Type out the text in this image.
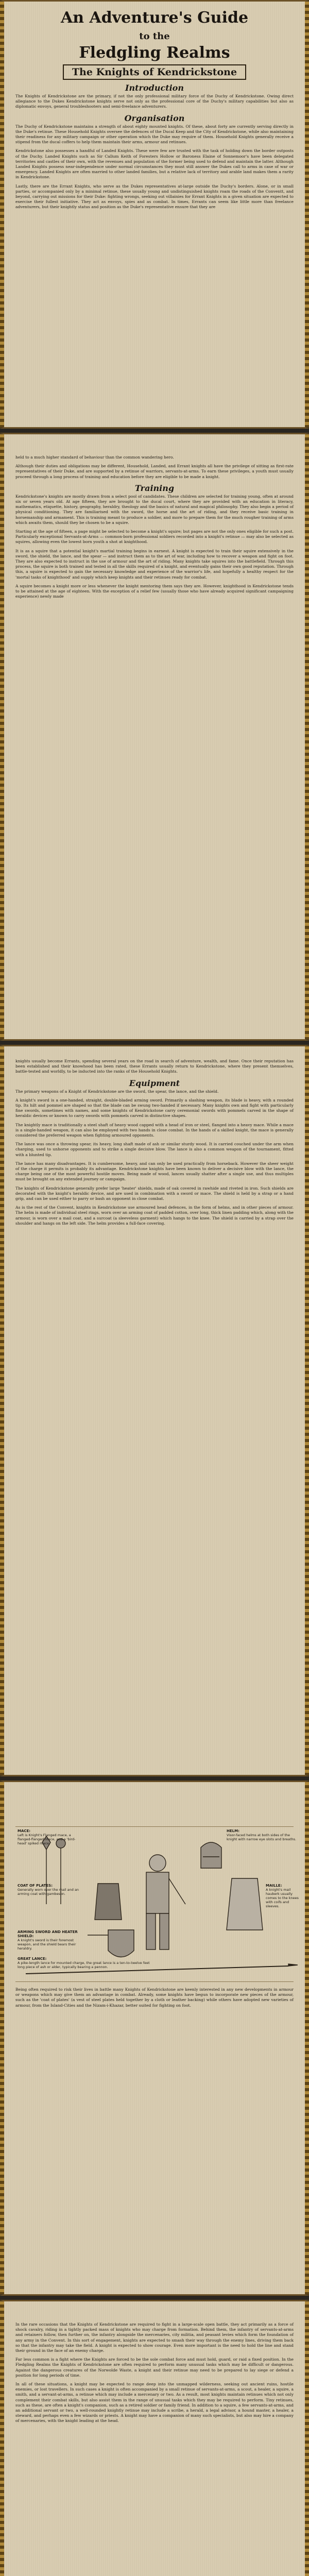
An Adventure's Guide
to the
Fledgling Realms
The Knights of Kendrickstone
Introduction

The Knights of Kendrickstone are the primary, if not the only professional military force of the Duchy of Kendrickstone. Owing direct allegiance to the Dukes Kendrickstone knights serve not only as the professional core of the Duchy's military capabilities but also as diplomatic envoys, general troubleshooters and semi-freelance adventurers.

Organisation

The Duchy of Kendrickstone maintains a strength of about eighty mounted knights. Of these, about forty are currently serving directly in the Duke's retinue. These Household Knights oversee the defences of the Ducal Keep and the City of Kendrickstone, while also maintaining their readiness for any military campaign or other operation which the Duke may require of them. Household Knights generally receive a stipend from the ducal coffers to help them maintain their arms, armour and retinues.

Kendrickstone also possesses a handful of Landed Knights. These were few are trusted with the task of holding down the border outposts of the Duchy. Landed Knights such as Sir Callum Keith of Foresters Hollow or Baroness Elaine of Sonnemoor's have been delegated territories and castles of their own, with the revenues and population of the former being used to defend and maintain the latter. Although Landed Knights possess near-independence under normal circumstances they must still answer the Dukes call to arms in case of war or emergency. Landed Knights are often married to other landed families, but a relative lack of territory and arable land makes them a rarity in Kendrickstone.

Lastly, there are the Errant Knights, who serve as the Dukes representatives at-large outside the Duchy's borders. Alone, or in small parties, or accompanied only by a minimal retinue, these usually young and undistinguished knights roam the roads of the Conventt, and beyond, carrying out missions for their Duke: fighting wrongs, seeking out villainies for Errant Knights in a given situation are expected to exercise their fullest initiative. They act as envoys, spies and as combat. In times, Errants can seem like little more than freelance adventurers, but their knightly status and position as the Duke's representative ensure that they are

held to a much higher standard of behaviour than the common wandering hero.

Although their duties and obligations may be different, Household, Landed, and Errant knights all have the privilege of sitting as first-rate representatives of their Duke, and are supported by a retinue of warriors, servants-at-arms. To earn these privileges, a youth must usually proceed through a long process of training and education before they are eligible to be made a knight.

Training

Kendrickstone's knights are mostly drawn from a select pool of candidates. These children are selected for training young, often at around six or seven years old. At age fifteen, they are brought to the ducal court, where they are provided with an education in literacy, mathematics, etiquette, history, geography, heraldry, theology and the basics of natural and magical philosophy. They also begin a period of physical conditioning. They are familiarised with the sword, the horse and the art of riding, and they receive basic training in horsemanship and armament. This is training meant to produce a soldier, and more to prepare them for the much rougher training of arms which awaits them, should they be chosen to be a squire.

Starting at the age of fifteen, a page might be selected to become a knight's squire; but pages are not the only ones eligible for such a post. Particularly exceptional Servants-at-Arms — common-born professional soldiers recorded into a knight's retinue — may also be selected as squires, allowing even the lowest born youth a shot at knighthood.

It is as a squire that a potential knight's martial training begins in earnest. A knight is expected to train their squire extensively in the sword, the shield, the lance, and the spear — and instruct them as to the art of war, including how to recover a weapon and fight on foot. They are also expected to instruct in the use of armour and the art of riding. Many knights take squires into the battlefield. Through this process, the squire is both trained and tested in all the skills required of a knight, and eventually gains their own good reputation. Through this, a squire is expected to gain the necessary knowledge and experience of the warrior's life, and hopefully a healthy respect for the 'mortal tasks of knighthood' and supply which keep knights and their retinues ready for combat.

A squire becomes a knight more or less whenever the knight mentoring them says they are. However, knighthood in Kendrickstone tends to be attained at the age of eighteen. With the exception of a relief few (usually those who have already acquired significant campaigning experience) newly made

knights usually become Errants, spending several years on the road in search of adventure, wealth, and fame. Once their reputation has been established and their knowhood has been rated, these Errants usually return to Kendrickstone, where they present themselves, battle-tested and worldly, to be inducted into the ranks of the Household Knights.

Equipment

The primary weapons of a Knight of Kendrickstone are the sword, the spear, the lance, and the shield.

A knight's sword is a one-handed, straight, double-bladed arming sword. Primarily a slashing weapon, its blade is heavy, with a rounded tip. Its hilt and pommel are shaped so that the blade can be swung two-handed if necessary. Many knights own and fight with particularly fine swords, sometimes with names, and some knights of Kendrickstone carry ceremonial swords with pommels carved in the shape of heraldic devices or known to carry swords with pommels carved in distinctive shapes.

The knightly mace is traditionally a steel shaft of heavy wood capped with a head of iron or steel, flanged into a heavy mace. While a mace is a single-handed weapon, it can also be employed with two hands in close combat. In the hands of a skilled knight, the mace is generally considered the preferred weapon when fighting armoured opponents.

The lance was once a throwing spear, its heavy, long shaft made of ash or similar sturdy wood. It is carried couched under the arm when charging, used to unhorse opponents and to strike a single decisive blow. The lance is also a common weapon of the tournament, fitted with a blunted tip.

The lance has many disadvantages. It is cumbersome, heavy, and can only be used practically from horseback. However the sheer weight of the charge it permits is probably its advantage. Kendrickstone knights have been known to deliver a decisive blow with the lance, the charge being one of the most powerful hostile moves. Being made of wood, lances usually shatter after a single use, and thus multiples must be brought on any extended journey or campaign.

The knights of Kendrickstone generally prefer large 'heater' shields, made of oak covered in rawhide and riveted in iron. Such shields are decorated with the knight's heraldic device, and are used in combination with a sword or mace. The shield is held by a strap or a hand grip, and can be used either to parry or bash an opponent in close combat.

As is the rest of the Convent, knights in Kendrickstone use armoured head defences, in the form of helms, and in other pieces of armour. The helm is made of individual steel rings, worn over an arming coat of padded cotton, over long, thick linen padding which, along with the armour, is worn over a mail coat, and a surcoat (a sleeveless garment) which hangs to the knee. The shield is carried by a strap over the shoulder and hangs on the left side. The helm provides a full-face covering.

MACE:
Left is Knight's Flanged mace, a flanged-flanged mace, and a 'bird-head' spiked mace.
HELM:
Visor-faced helms at both sides of the knight with narrow eye slots and breaths.
COAT OF PLATES:
Generally worn over the mail and an arming coat with gambeson.
MAILLE:
A knight's mail hauberk usually comes to the knees with coifs and sleeves.
ARMING SWORD AND HEATER SHIELD:
A knight's sword is their foremost weapon, and the shield bears their heraldry.
GREAT LANCE:
A pike-length lance for mounted charge, the great lance is a ten-to-twelve feet long piece of ash or alder, typically bearing a pennon.

Being often required to risk their lives in battle many Knights of Kendrickstone are keenly interested in any new developments in armour or weapons which may give them an advantage in combat. Already, some knights have begun to incorporate new pieces of the armour, such as the 'coat of plates' (a vest of steel plates held together by a cloth or leather backing) while others have adopted new varieties of armour, from the Island-Cities and the Nizam-i-Khazar, better suited for fighting on foot.

In the rare occasions that the Knights of Kendrickstone are required to fight in a large-scale open battle, they act primarily as a force of shock cavalry, riding in a tightly packed mass of knights who may charge from formation. Behind them, the infantry of servants-at-arms and retainers follow, then further on, the infantry alongside the mercenaries, city militia, and peasant levies which form the foundation of any army in the Convent. In this sort of engagement, knights are expected to smash their way through the enemy lines, driving them back so that the infantry may take the field. A knight is expected to show courage. Even more important is the need to hold the line and stand their ground in the face of an enemy charge.

Far less common is a fight where the Knights are forced to be the sole combat force and must hold, guard, or raid a fixed position. In the Fledgling Realms the Knights of Kendrickstone are often required to perform many unusual tasks which may be difficult or dangerous. Against the dangerous creatures of the Norwolde Waste, a knight and their retinue may need to be prepared to lay siege or defend a position for long periods of time.

In all of these situations, a knight may be expected to range deep into the unmapped wilderness, seeking out ancient ruins, hostile enemies, or lost travellers. In such cases a knight is often accompanied by a small retinue of servants-at-arms, a scout, a healer, a squire, a smith, and a servant-at-arms, a retinue which may include a mercenary or two. As a result, most knights maintain retinues which not only complement their combat skills, but also assist them in the range of unusual tasks which they may be required to perform. Tiny retinues, such as these, are often a knight's companion, such as a retired soldier or family friend. In addition to a squire, a few servants-at-arms, and an additional servant or two, a well-rounded knightly retinue may include a scribe, a herald, a legal advisor, a hound master, a healer, a steward, and perhaps even a few wizards or priests. A knight may have a companion of many such specialists, but also may hire a company of mercenaries, with the knight leading at the head.
